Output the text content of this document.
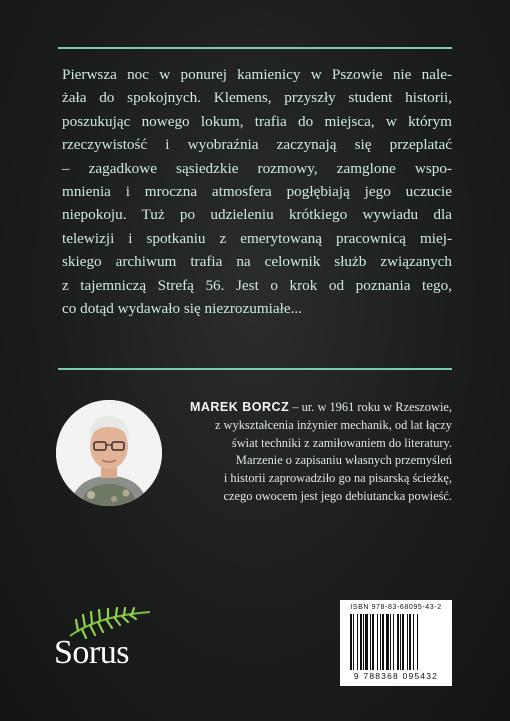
Pierwsza noc w ponurej kamienicy w Pszowie nie nale-
żała do spokojnych. Klemens, przyszły student historii,
poszukując nowego lokum, trafia do miejsca, w którym
rzeczywistość i wyobraźnia zaczynają się przeplatać
– zagadkowe sąsiedzkie rozmowy, zamglone wspo-
mnienia i mroczna atmosfera pogłębiają jego uczucie
niepokoju. Tuż po udzieleniu krótkiego wywiadu dla
telewizji i spotkaniu z emerytowaną pracownicą miej-
skiego archiwum trafia na celownik służb związanych
z tajemniczą Strefą 56. Jest o krok od poznania tego,
co dotąd wydawało się niezrozumiałe...

MAREK BORCZ – ur. w 1961 roku w Rzeszowie,
z wykształcenia inżynier mechanik, od lat łączy
świat techniki z zamiłowaniem do literatury.
Marzenie o zapisaniu własnych przemyśleń
i historii zaprowadziło go na pisarską ścieżkę,
czego owocem jest jego debiutancka powieść.

Sorus
ISBN 978-83-68095-43-2
9 788368 095432
